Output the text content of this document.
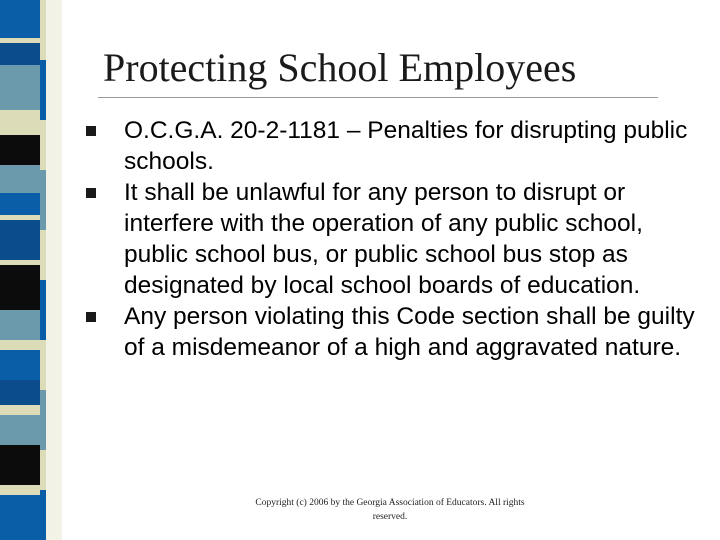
Protecting School Employees
O.C.G.A. 20-2-1181 – Penalties for disrupting public schools.
It shall be unlawful for any person to disrupt or interfere with the operation of any public school, public school bus, or public school bus stop as designated by local school boards of education.
Any person violating this Code section shall be guilty of a misdemeanor of a high and aggravated nature.
Copyright (c) 2006 by the Georgia Association of Educators. All rights reserved.
